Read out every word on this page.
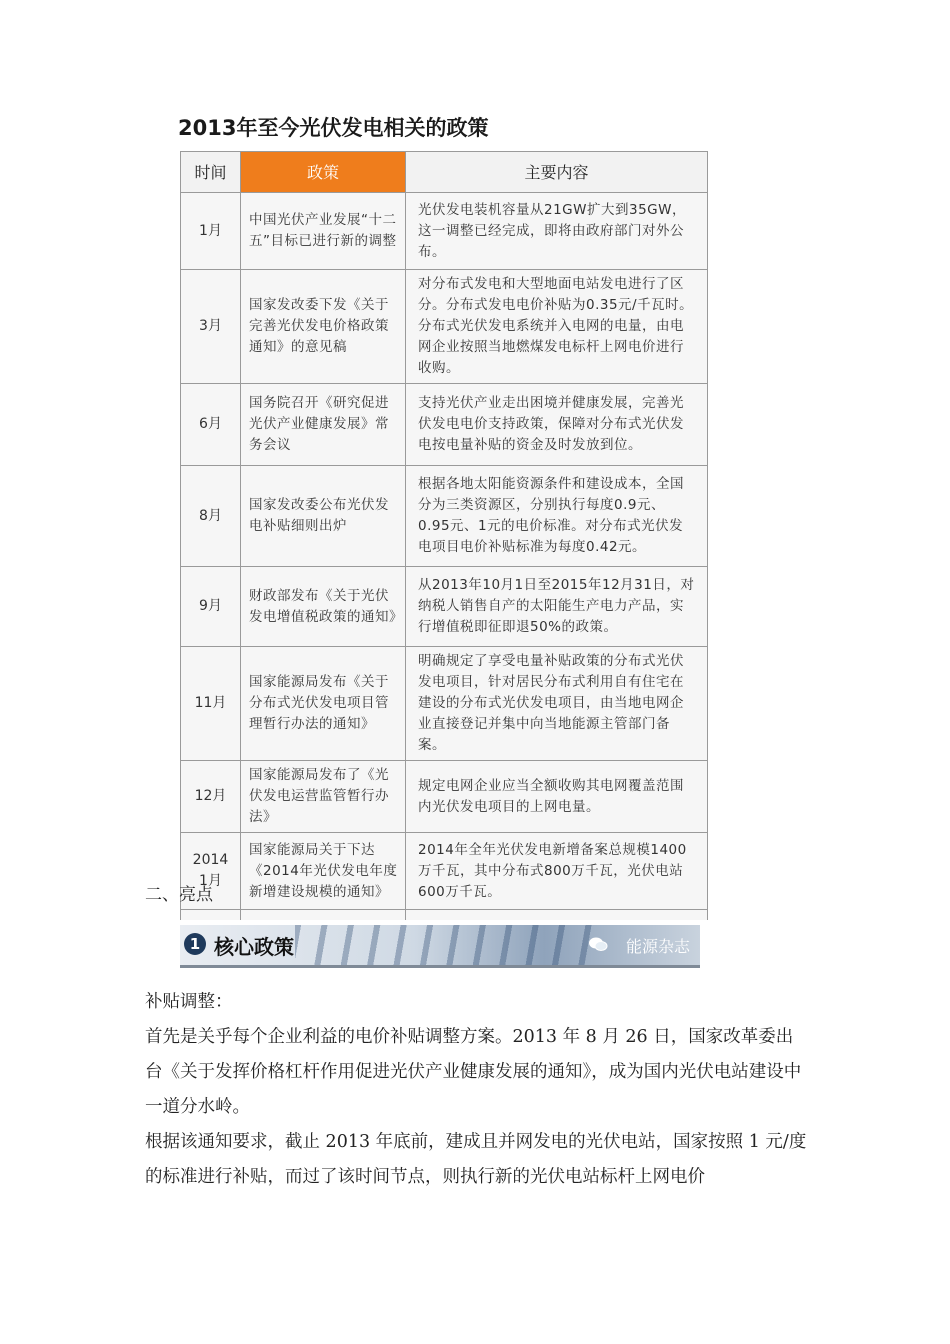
2013年至今光伏发电相关的政策
时间	政策	主要内容
1月	中国光伏产业发展“十二五”目标已进行新的调整	光伏发电装机容量从21GW扩大到35GW，这一调整已经完成，即将由政府部门对外公布。
3月	国家发改委下发《关于完善光伏发电价格政策通知》的意见稿	对分布式发电和大型地面电站发电进行了区分。分布式发电电价补贴为0.35元/千瓦时。分布式光伏发电系统并入电网的电量，由电网企业按照当地燃煤发电标杆上网电价进行收购。
6月	国务院召开《研究促进光伏产业健康发展》常务会议	支持光伏产业走出困境并健康发展，完善光伏发电电价支持政策，保障对分布式光伏发电按电量补贴的资金及时发放到位。
8月	国家发改委公布光伏发电补贴细则出炉	根据各地太阳能资源条件和建设成本，全国分为三类资源区，分别执行每度0.9元、0.95元、1元的电价标准。对分布式光伏发电项目电价补贴标准为每度0.42元。
9月	财政部发布《关于光伏发电增值税政策的通知》	从2013年10月1日至2015年12月31日，对纳税人销售自产的太阳能生产电力产品，实行增值税即征即退50%的政策。
11月	国家能源局发布《关于分布式光伏发电项目管理暂行办法的通知》	明确规定了享受电量补贴政策的分布式光伏发电项目，针对居民分布式利用自有住宅在建设的分布式光伏发电项目，由当地电网企业直接登记并集中向当地能源主管部门备案。
12月	国家能源局发布了《光伏发电运营监管暂行办法》	规定电网企业应当全额收购其电网覆盖范围内光伏发电项目的上网电量。
2014
1月	国家能源局关于下达《2014年光伏发电年度新增建设规模的通知》	2014年全年光伏发电新增备案总规模1400万千瓦，其中分布式800万千瓦，光伏电站600万千瓦。

二、亮点
1 核心政策	能源杂志

补贴调整：

首先是关乎每个企业利益的电价补贴调整方案。2013 年 8 月 26 日，国家改革委出台《关于发挥价格杠杆作用促进光伏产业健康发展的通知》，成为国内光伏电站建设中一道分水岭。

根据该通知要求，截止 2013 年底前，建成且并网发电的光伏电站，国家按照 1 元/度的标准进行补贴，而过了该时间节点，则执行新的光伏电站标杆上网电价
